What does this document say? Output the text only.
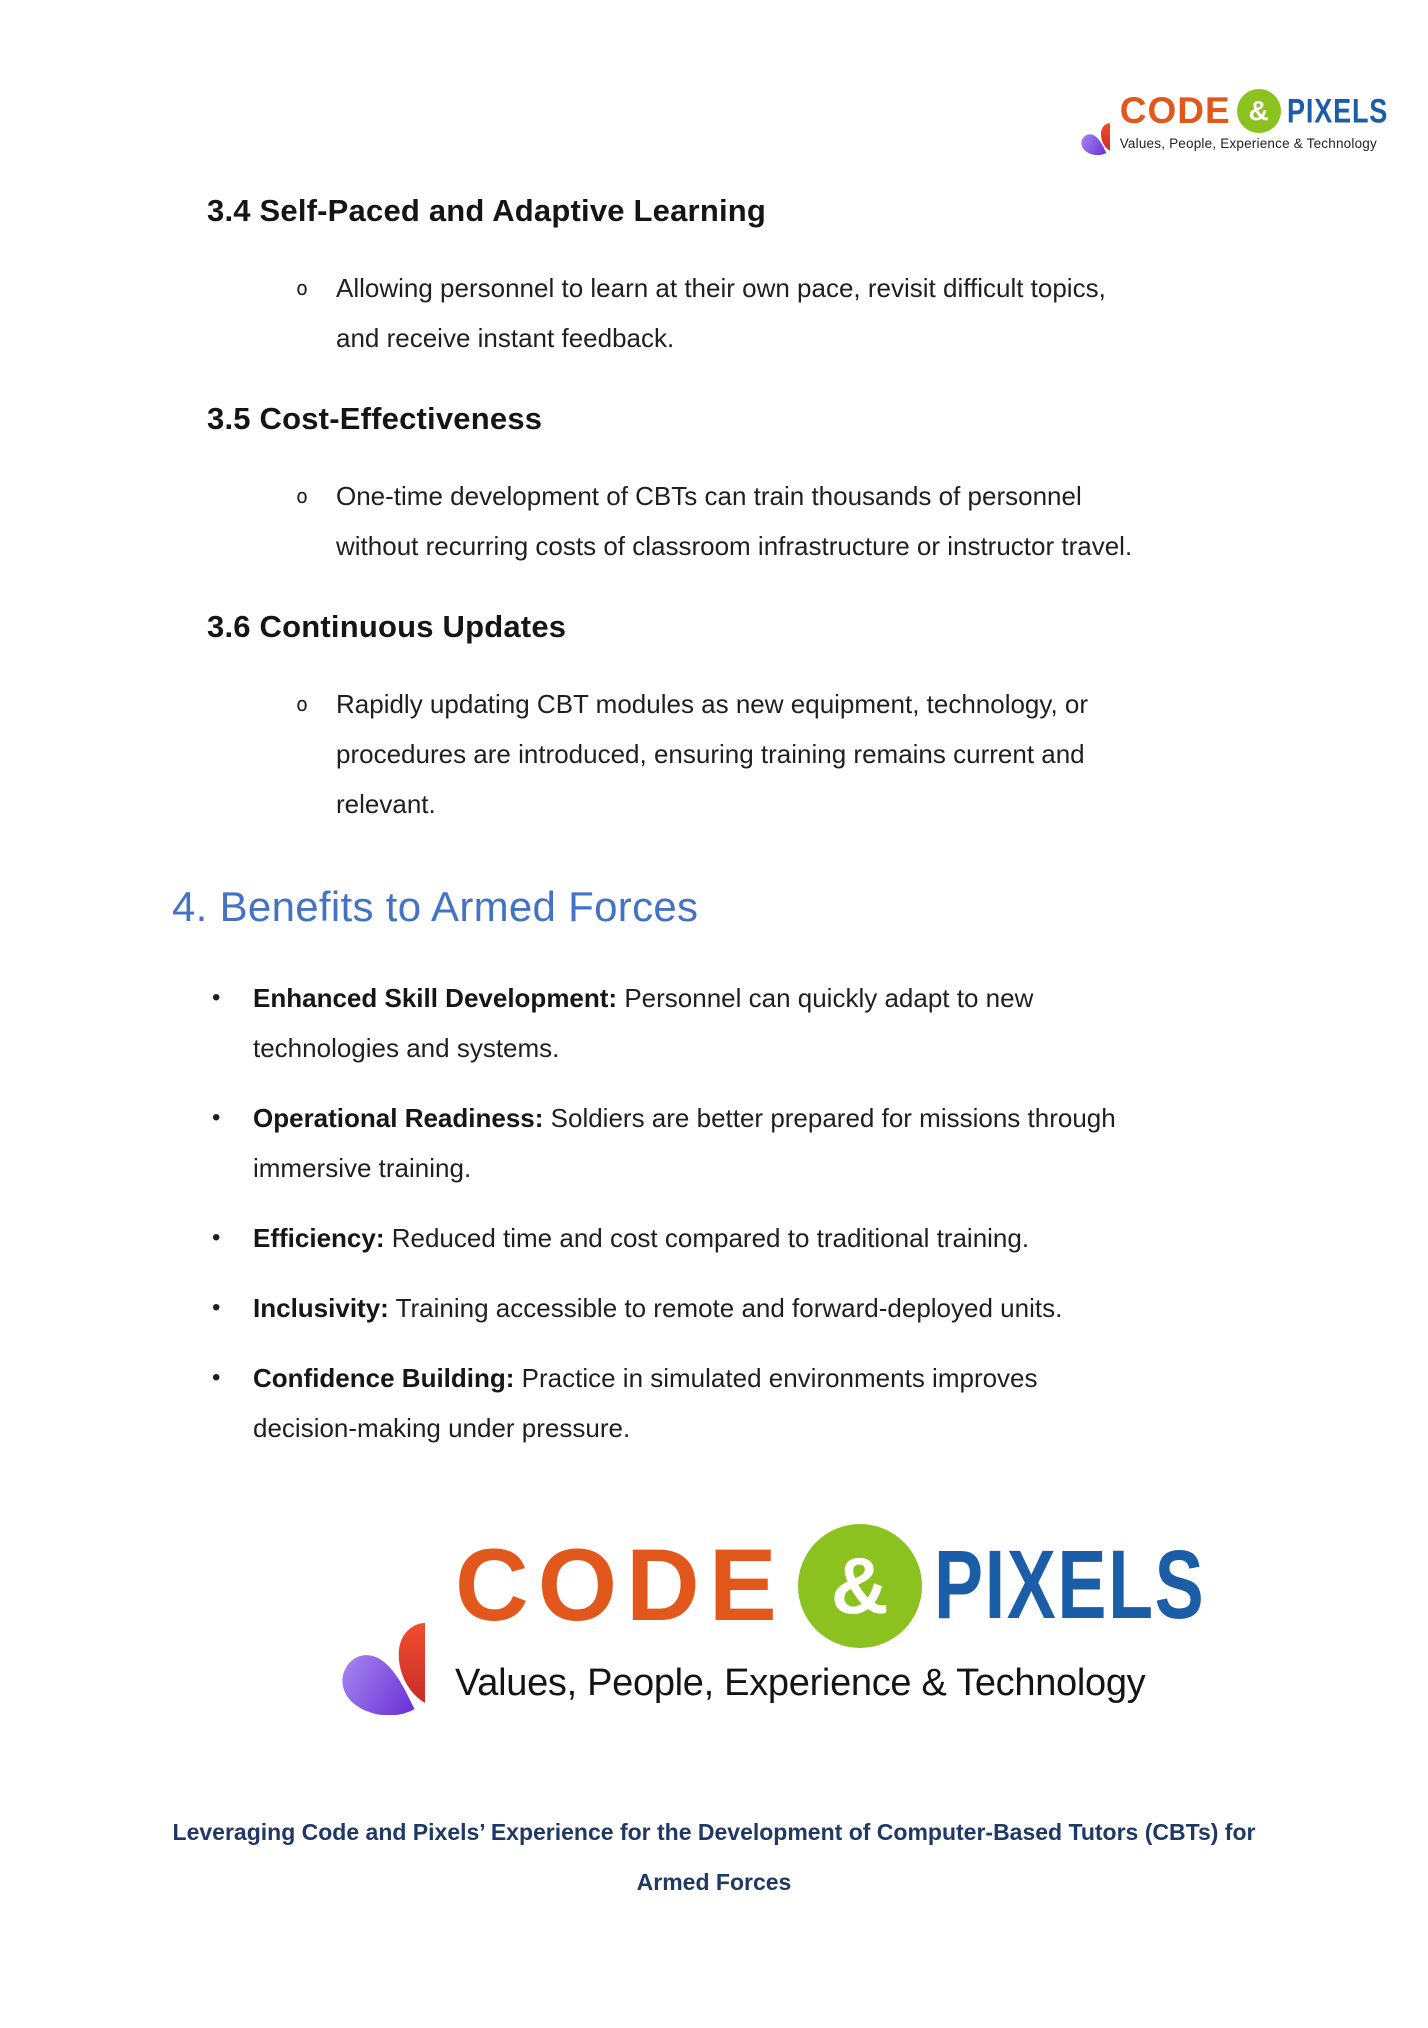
CODE & PIXELS
Values, People, Experience & Technology
3.4 Self-Paced and Adaptive Learning
o	Allowing personnel to learn at their own pace, revisit difficult topics, and receive instant feedback.
3.5 Cost-Effectiveness
o	One-time development of CBTs can train thousands of personnel without recurring costs of classroom infrastructure or instructor travel.
3.6 Continuous Updates
o	Rapidly updating CBT modules as new equipment, technology, or procedures are introduced, ensuring training remains current and relevant.
4. Benefits to Armed Forces
•	Enhanced Skill Development: Personnel can quickly adapt to new technologies and systems.
•	Operational Readiness: Soldiers are better prepared for missions through immersive training.
•	Efficiency: Reduced time and cost compared to traditional training.
•	Inclusivity: Training accessible to remote and forward-deployed units.
•	Confidence Building: Practice in simulated environments improves decision-making under pressure.
CODE & PIXELS
Values, People, Experience & Technology
Leveraging Code and Pixels’ Experience for the Development of Computer-Based Tutors (CBTs) for
Armed Forces
